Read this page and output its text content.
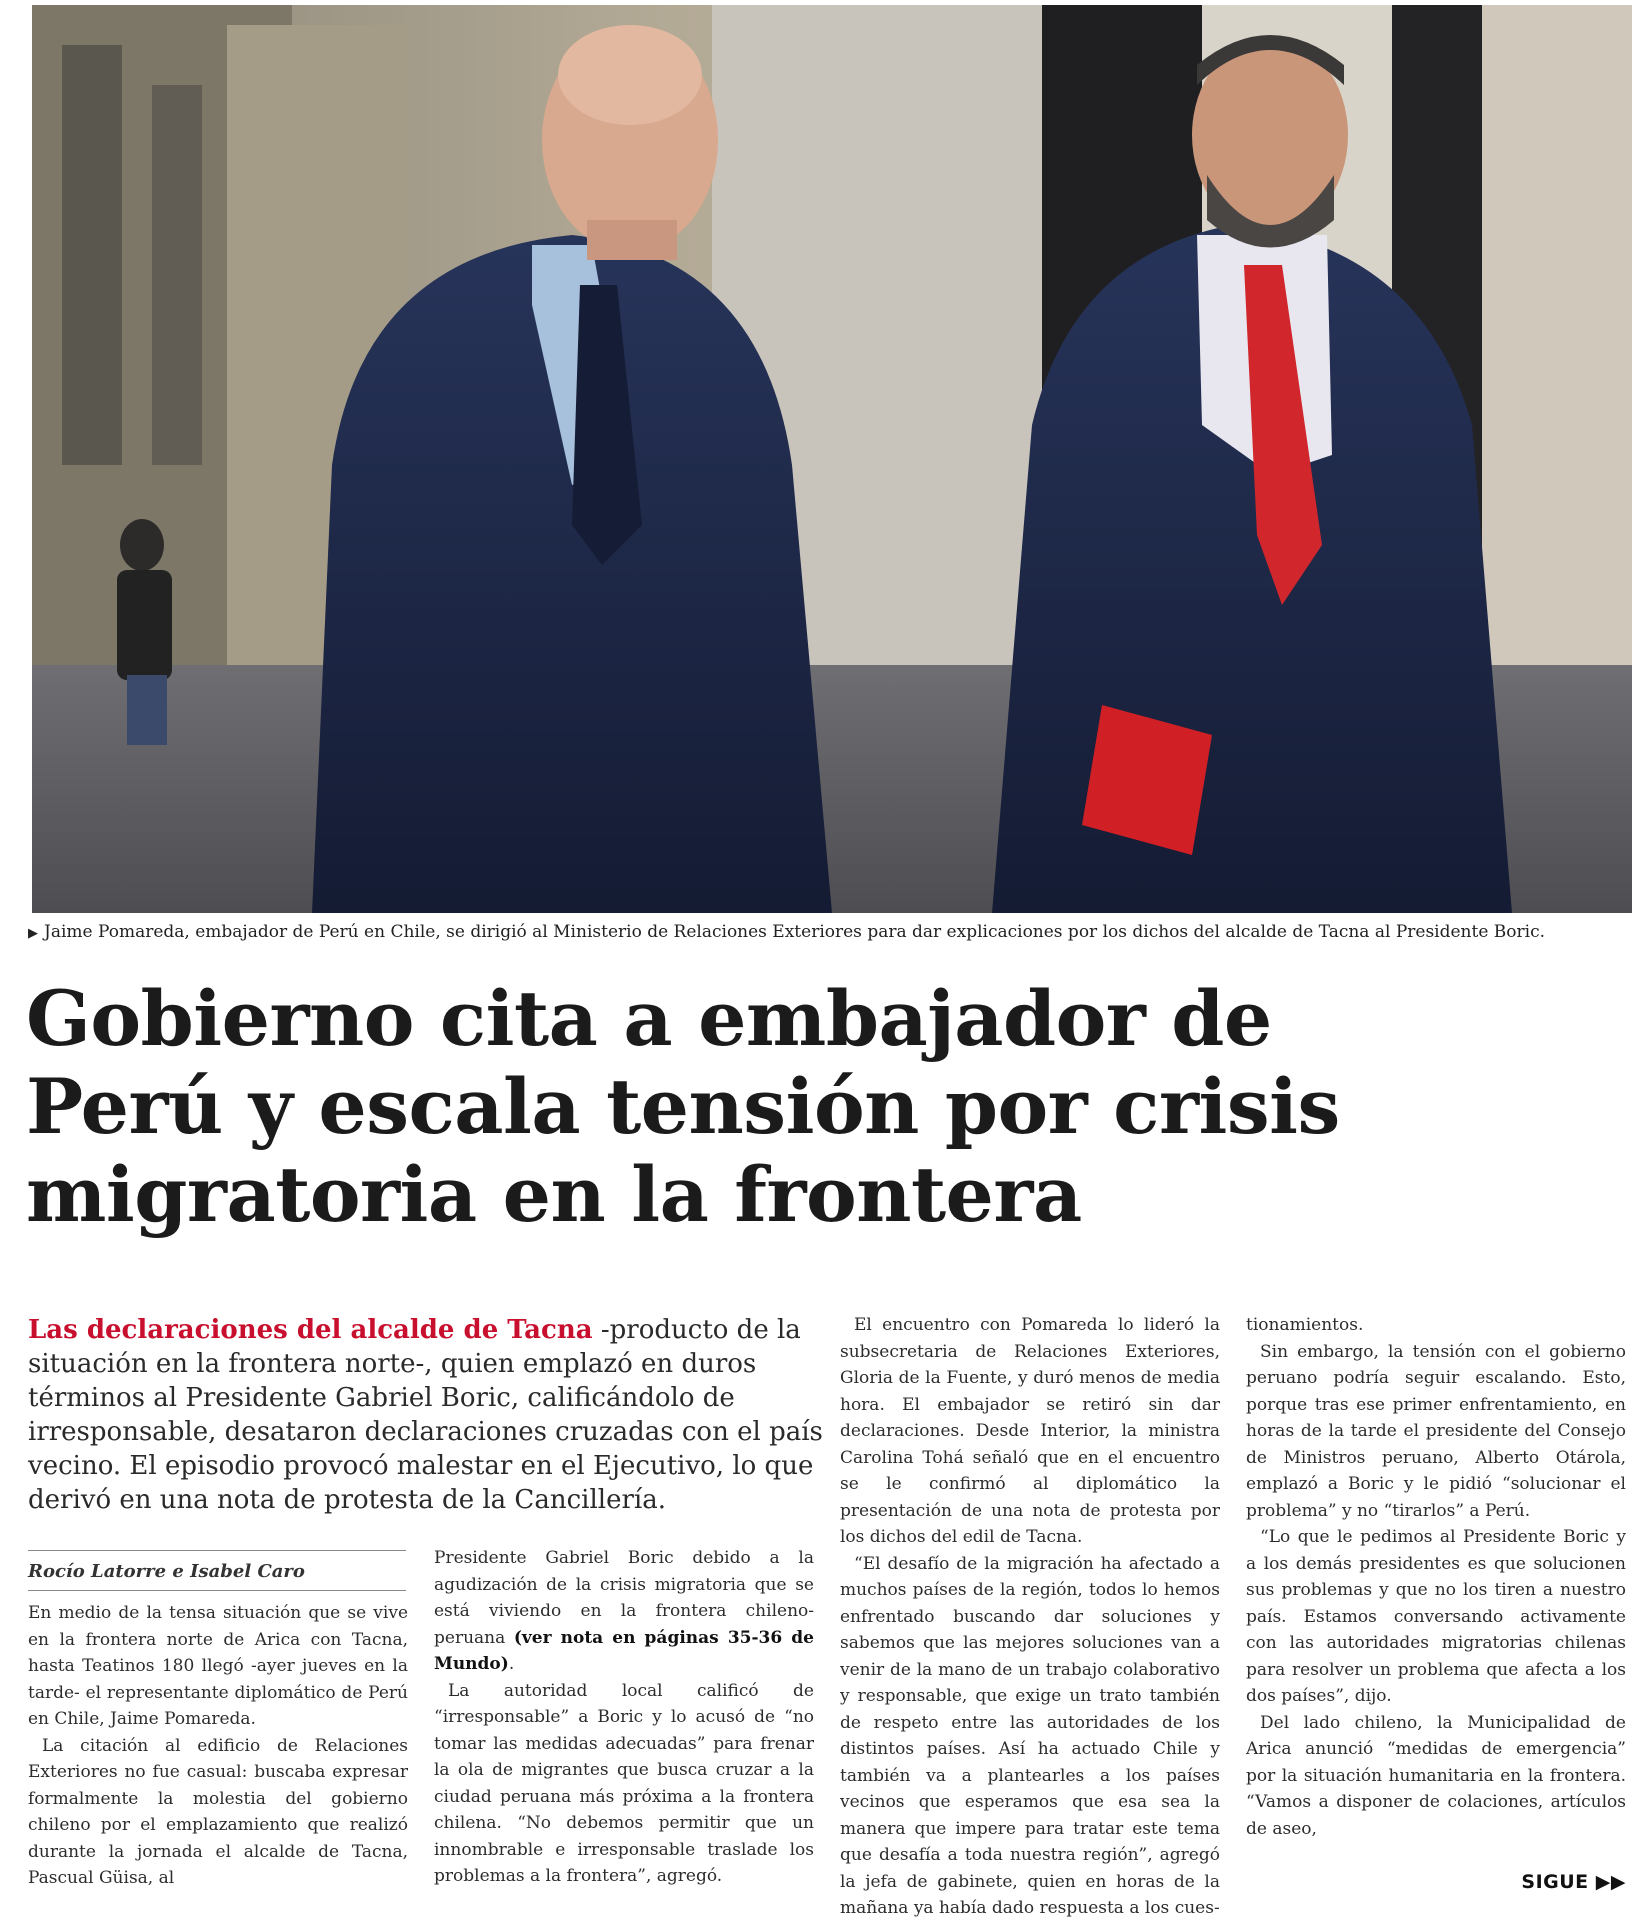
▶ Jaime Pomareda, embajador de Perú en Chile, se dirigió al Ministerio de Relaciones Exteriores para dar explicaciones por los dichos del alcalde de Tacna al Presidente Boric.
Gobierno cita a embajador de
Perú y escala tensión por crisis
migratoria en la frontera
Las declaraciones del alcalde de Tacna -producto de la situación en la frontera norte-, quien emplazó en duros términos al Presidente Gabriel Boric, calificándolo de irresponsable, desataron declaraciones cruzadas con el país vecino. El episodio provocó malestar en el Ejecutivo, lo que derivó en una nota de protesta de la Cancillería.
Rocío Latorre e Isabel Caro

En medio de la tensa situación que se vive en la frontera norte de Arica con Tacna, hasta Teatinos 180 llegó -ayer jueves en la tarde- el representante diplomático de Perú en Chile, Jaime Pomareda.

La citación al edificio de Relaciones Exteriores no fue casual: buscaba expresar formalmente la molestia del gobierno chileno por el emplazamiento que realizó durante la jornada el alcalde de Tacna, Pascual Güisa, al

Presidente Gabriel Boric debido a la agudización de la crisis migratoria que se está viviendo en la frontera chileno-peruana (ver nota en páginas 35-36 de Mundo).

La autoridad local calificó de “irresponsable” a Boric y lo acusó de “no tomar las medidas adecuadas” para frenar la ola de migrantes que busca cruzar a la ciudad peruana más próxima a la frontera chilena. “No debemos permitir que un innombrable e irresponsable traslade los problemas a la frontera”, agregó.

El encuentro con Pomareda lo lideró la subsecretaria de Relaciones Exteriores, Gloria de la Fuente, y duró menos de media hora. El embajador se retiró sin dar declaraciones. Desde Interior, la ministra Carolina Tohá señaló que en el encuentro se le confirmó al diplomático la presentación de una nota de protesta por los dichos del edil de Tacna.

“El desafío de la migración ha afectado a muchos países de la región, todos lo hemos enfrentado buscando dar soluciones y sabemos que las mejores soluciones van a venir de la mano de un trabajo colaborativo y responsable, que exige un trato también de respeto entre las autoridades de los distintos países. Así ha actuado Chile y también va a plantearles a los países vecinos que esperamos que esa sea la manera que impere para tratar este tema que desafía a toda nuestra región”, agregó la jefa de gabinete, quien en horas de la mañana ya había dado respuesta a los cues-

tionamientos.

Sin embargo, la tensión con el gobierno peruano podría seguir escalando. Esto, porque tras ese primer enfrentamiento, en horas de la tarde el presidente del Consejo de Ministros peruano, Alberto Otárola, emplazó a Boric y le pidió “solucionar el problema” y no “tirarlos” a Perú.

“Lo que le pedimos al Presidente Boric y a los demás presidentes es que solucionen sus problemas y que no los tiren a nuestro país. Estamos conversando activamente con las autoridades migratorias chilenas para resolver un problema que afecta a los dos países”, dijo.

Del lado chileno, la Municipalidad de Arica anunció “medidas de emergencia” por la situación humanitaria en la frontera. “Vamos a disponer de colaciones, artículos de aseo,

SIGUE ▶▶
